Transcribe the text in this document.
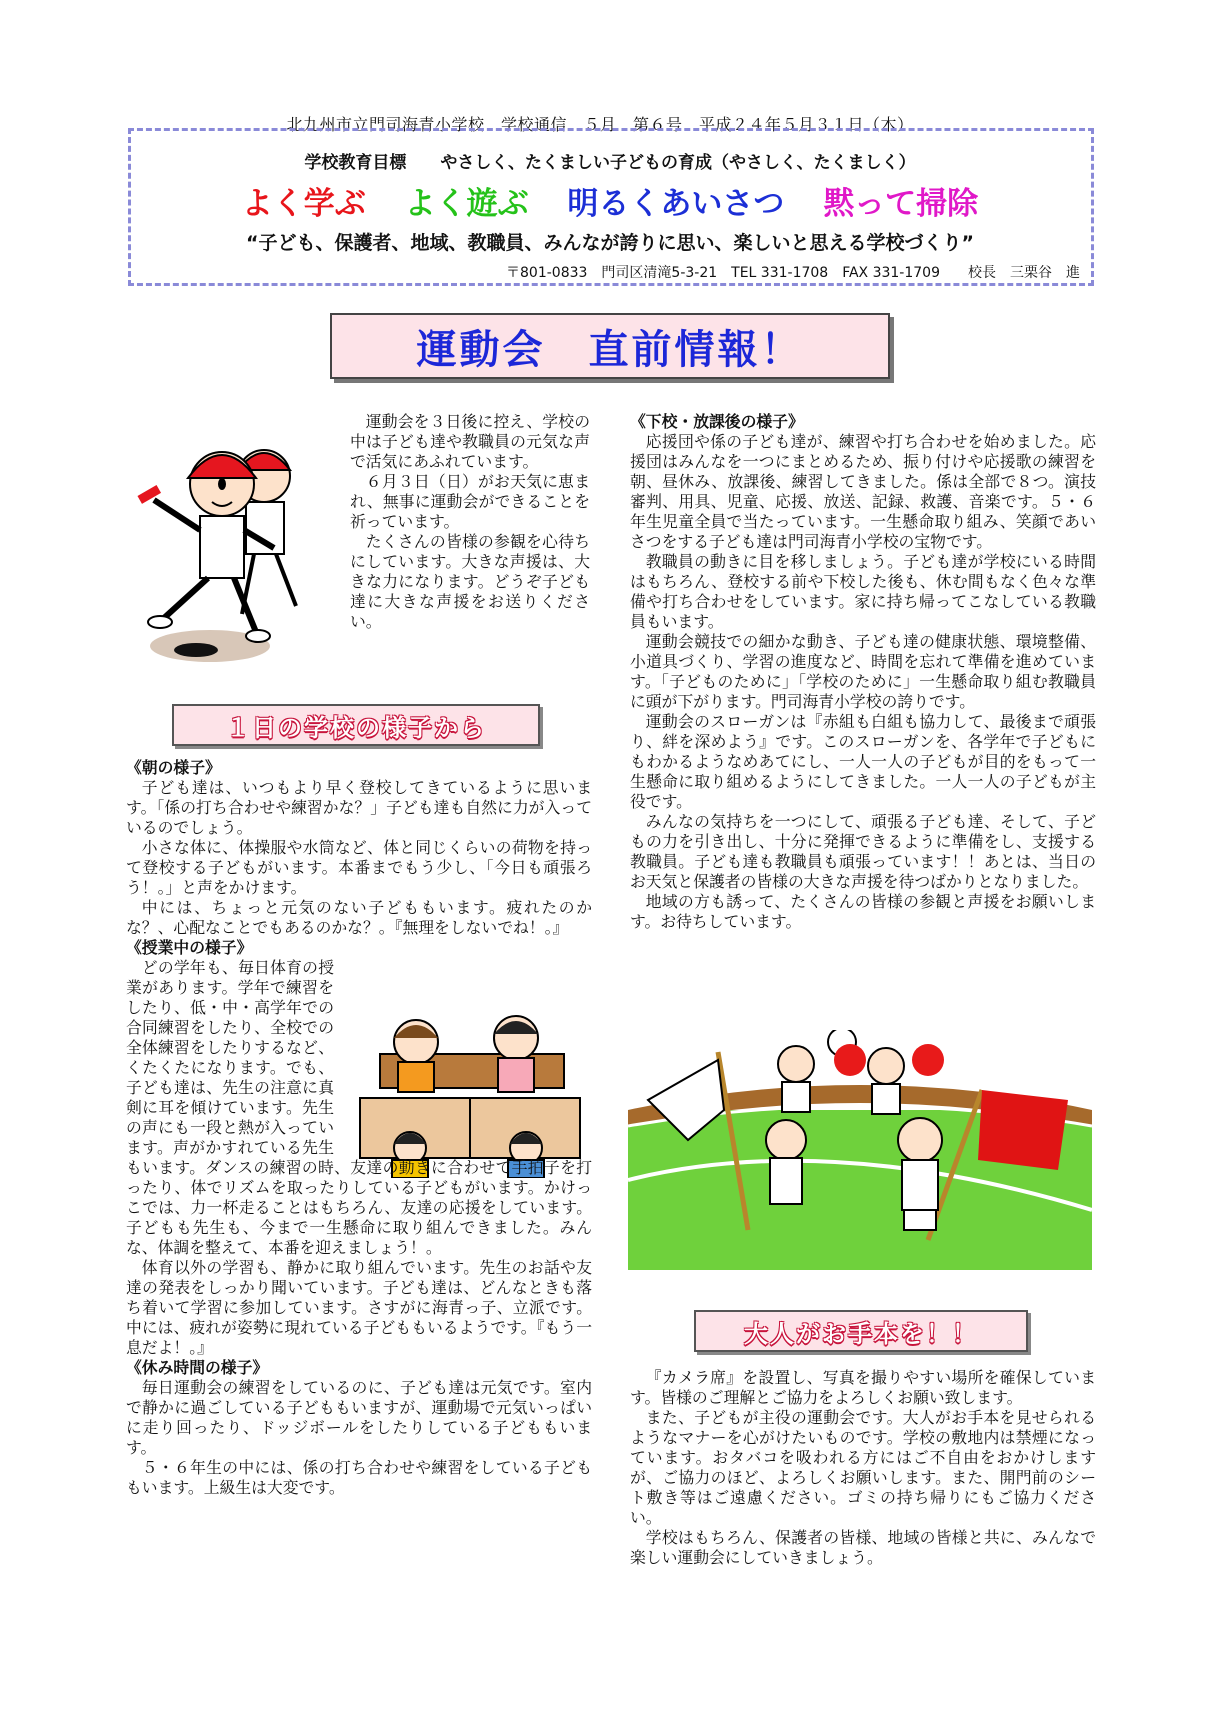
北九州市立門司海青小学校　学校通信　５月　第６号　平成２４年５月３１日（木）
学校教育目標　　やさしく、たくましい子どもの育成（やさしく、たくましく）
よく学ぶ よく遊ぶ 明るくあいさつ 黙って掃除
“子ども、保護者、地域、教職員、みんなが誇りに思い、楽しいと思える学校づくり”
〒801-0833　門司区清滝5-3-21　TEL 331-1708　FAX 331-1709　　校長　三栗谷　進
運動会　直前情報！

運動会を３日後に控え、学校の中は子ども達や教職員の元気な声で活気にあふれています。

６月３日（日）がお天気に恵まれ、無事に運動会ができることを祈っています。

たくさんの皆様の参観を心待ちにしています。大きな声援は、大きな力になります。どうぞ子ども達に大きな声援をお送りください。

１日の学校の様子から
《朝の様子》

子ども達は、いつもより早く登校してきているように思います。「係の打ち合わせや練習かな？」子ども達も自然に力が入っているのでしょう。

小さな体に、体操服や水筒など、体と同じくらいの荷物を持って登校する子どもがいます。本番までもう少し、「今日も頑張ろう！。」と声をかけます。

中には、ちょっと元気のない子どももいます。疲れたのかな？、心配なことでもあるのかな？。『無理をしないでね！。』

《授業中の様子》

どの学年も、毎日体育の授業があります。学年で練習をしたり、低・中・高学年での合同練習をしたり、全校での全体練習をしたりするなど、くたくたになります。でも、子ども達は、先生の注意に真剣に耳を傾けています。先生の声にも一段と熱が入っています。声がかすれている先生もいます。ダンスの練習の時、友達の動きに合わせて手拍子を打ったり、体でリズムを取ったりしている子どもがいます。かけっこでは、力一杯走ることはもちろん、友達の応援をしています。子どもも先生も、今まで一生懸命に取り組んできました。みんな、体調を整えて、本番を迎えましょう！。

体育以外の学習も、静かに取り組んでいます。先生のお話や友達の発表をしっかり聞いています。子ども達は、どんなときも落ち着いて学習に参加しています。さすがに海青っ子、立派です。中には、疲れが姿勢に現れている子どももいるようです。『もう一息だよ！。』

《休み時間の様子》

毎日運動会の練習をしているのに、子ども達は元気です。室内で静かに過ごしている子どももいますが、運動場で元気いっぱいに走り回ったり、ドッジボールをしたりしている子どももいます。

５・６年生の中には、係の打ち合わせや練習をしている子どももいます。上級生は大変です。

《下校・放課後の様子》

応援団や係の子ども達が、練習や打ち合わせを始めました。応援団はみんなを一つにまとめるため、振り付けや応援歌の練習を朝、昼休み、放課後、練習してきました。係は全部で８つ。演技審判、用具、児童、応援、放送、記録、救護、音楽です。５・６年生児童全員で当たっています。一生懸命取り組み、笑顔であいさつをする子ども達は門司海青小学校の宝物です。

教職員の動きに目を移しましょう。子ども達が学校にいる時間はもちろん、登校する前や下校した後も、休む間もなく色々な準備や打ち合わせをしています。家に持ち帰ってこなしている教職員もいます。

運動会競技での細かな動き、子ども達の健康状態、環境整備、小道具づくり、学習の進度など、時間を忘れて準備を進めています。「子どものために」「学校のために」一生懸命取り組む教職員に頭が下がります。門司海青小学校の誇りです。

運動会のスローガンは『赤組も白組も協力して、最後まで頑張り、絆を深めよう』です。このスローガンを、各学年で子どもにもわかるようなめあてにし、一人一人の子どもが目的をもって一生懸命に取り組めるようにしてきました。一人一人の子どもが主役です。

みんなの気持ちを一つにして、頑張る子ども達、そして、子どもの力を引き出し、十分に発揮できるように準備をし、支援する教職員。子ども達も教職員も頑張っています！！あとは、当日のお天気と保護者の皆様の大きな声援を待つばかりとなりました。

地域の方も誘って、たくさんの皆様の参観と声援をお願いします。お待ちしています。

大人がお手本を！！

『カメラ席』を設置し、写真を撮りやすい場所を確保しています。皆様のご理解とご協力をよろしくお願い致します。

また、子どもが主役の運動会です。大人がお手本を見せられるようなマナーを心がけたいものです。学校の敷地内は禁煙になっています。おタバコを吸われる方にはご不自由をおかけしますが、ご協力のほど、よろしくお願いします。また、開門前のシート敷き等はご遠慮ください。ゴミの持ち帰りにもご協力ください。

学校はもちろん、保護者の皆様、地域の皆様と共に、みんなで楽しい運動会にしていきましょう。
